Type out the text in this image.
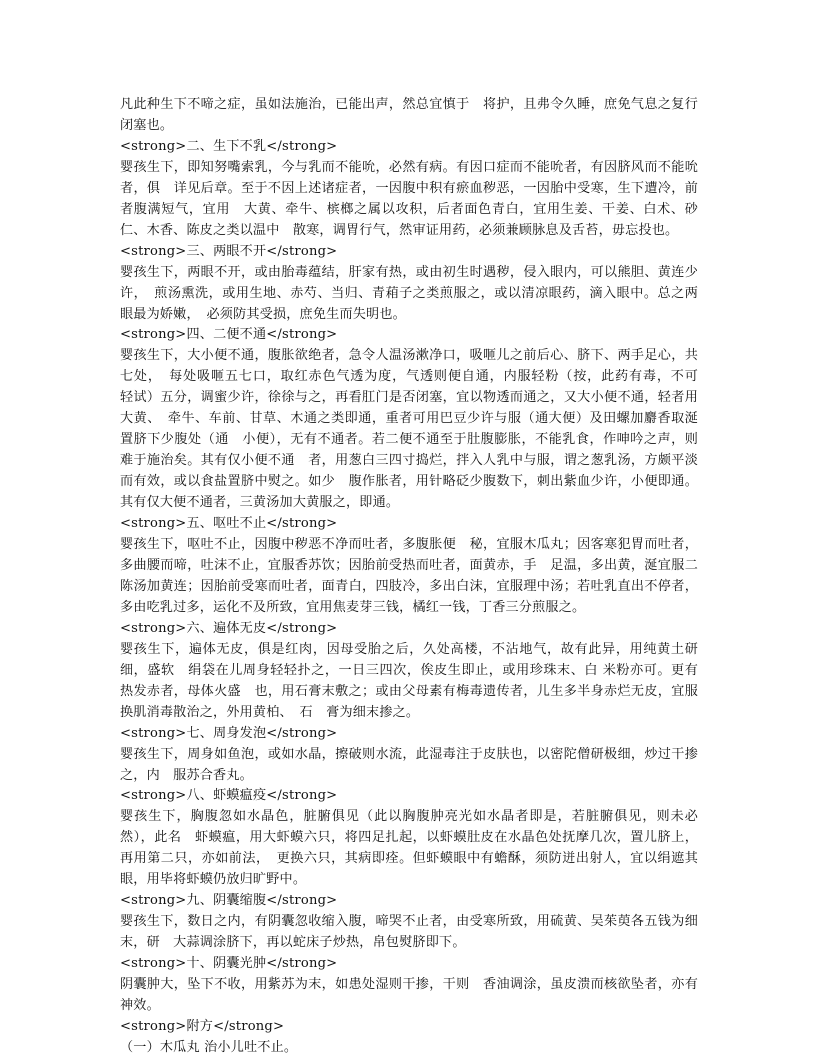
凡此种生下不啼之症，虽如法施治，已能出声，然总宜慎于　将护，且弗令久睡，庶免气息之复行闭塞也。

<strong>二、生下不乳</strong>

婴孩生下，即知努嘴索乳，今与乳而不能吮，必然有病。有因口症而不能吮者，有因脐风而不能吮者，俱　详见后章。至于不因上述诸症者，一因腹中积有瘀血秽恶，一因胎中受寒，生下遭冷，前者腹满短气，宜用　大黄、牵牛、槟榔之属以攻积，后者面色青白，宜用生姜、干姜、白术、砂仁、木香、陈皮之类以温中　散寒，调胃行气，然审证用药，必须兼顾脉息及舌苔，毋忘投也。

<strong>三、两眼不开</strong>

婴孩生下，两眼不开，或由胎毒蕴结，肝家有热，或由初生时遇秽，侵入眼内，可以熊胆、黄连少许，　煎汤熏洗，或用生地、赤芍、当归、青葙子之类煎服之，或以清凉眼药，滴入眼中。总之两眼最为娇嫩，　必须防其受损，庶免生而失明也。

<strong>四、二便不通</strong>

婴孩生下，大小便不通，腹胀欲绝者，急令人温汤漱净口，吸咂儿之前后心、脐下、两手足心，共七处，　每处吸咂五七口，取红赤色气透为度，气透则便自通，内服轻粉（按，此药有毒，不可　轻试）五分，调蜜少许，徐徐与之，再看肛门是否闭塞，宜以物透而通之，又大小便不通，轻者用大黄、　牵牛、车前、甘草、木通之类即通，重者可用巴豆少许与服（通大便）及田螺加麝香取涎置脐下少腹处（通　小便），无有不通者。若二便不通至于肚腹膨胀，不能乳食，作呻吟之声，则难于施治矣。其有仅小便不通　者，用葱白三四寸捣烂，拌入人乳中与服，谓之葱乳汤，方颇平淡而有效，或以食盐置脐中熨之。如少　腹作胀者，用针略砭少腹数下，刺出紫血少许，小便即通。其有仅大便不通者，三黄汤加大黄服之，即通。

<strong>五、呕吐不止</strong>

婴孩生下，呕吐不止，因腹中秽恶不净而吐者，多腹胀便　秘，宜服木瓜丸；因客寒犯胃而吐者，多曲腰而啼，吐沫不止，宜服香苏饮；因胎前受热而吐者，面黄赤，手　足温，多出黄，涎宜服二陈汤加黄连；因胎前受寒而吐者，面青白，四肢冷，多出白沫，宜服理中汤；若吐乳直出不停者，多由吃乳过多，运化不及所致，宜用焦麦芽三钱，橘红一钱，丁香三分煎服之。

<strong>六、遍体无皮</strong>

婴孩生下，遍体无皮，俱是红肉，因母受胎之后，久处高楼，不沾地气，故有此异，用纯黄土研细，盛软　绢袋在儿周身轻轻扑之，一日三四次，俟皮生即止，或用珍珠末、白 米粉亦可。更有 热发赤者，母体火盛　也，用石膏末敷之；或由父母素有梅毒遗传者，儿生多半身赤烂无皮，宜服换肌消毒散治之，外用黄柏、　石　膏为细末掺之。

<strong>七、周身发泡</strong>

婴孩生下，周身如鱼泡，或如水晶，擦破则水流，此湿毒注于皮肤也，以密陀僧研极细，炒过干掺之，内　服苏合香丸。

<strong>八、虾蟆瘟疫</strong>

婴孩生下，胸腹忽如水晶色，脏腑俱见（此以胸腹肿亮光如水晶者即是，若脏腑俱见，则未必然），此名　虾蟆瘟，用大虾蟆六只，将四足扎起，以虾蟆肚皮在水晶色处抚摩几次，置儿脐上，再用第二只，亦如前法，　更换六只，其病即痊。但虾蟆眼中有蟾酥，须防迸出射人，宜以绢遮其眼，用毕将虾蟆仍放归旷野中。

<strong>九、阴囊缩腹</strong>

婴孩生下，数日之内，有阴囊忽收缩入腹，啼哭不止者，由受寒所致，用硫黄、吴茱萸各五钱为细末，研　大蒜调涂脐下，再以蛇床子炒热，帛包熨脐即下。

<strong>十、阴囊光肿</strong>

阴囊肿大，坠下不收，用紫苏为末，如患处湿则干掺，干则　香油调涂，虽皮溃而核欲坠者，亦有神效。

<strong>附方</strong>

（一）木瓜丸 治小儿吐不止。
